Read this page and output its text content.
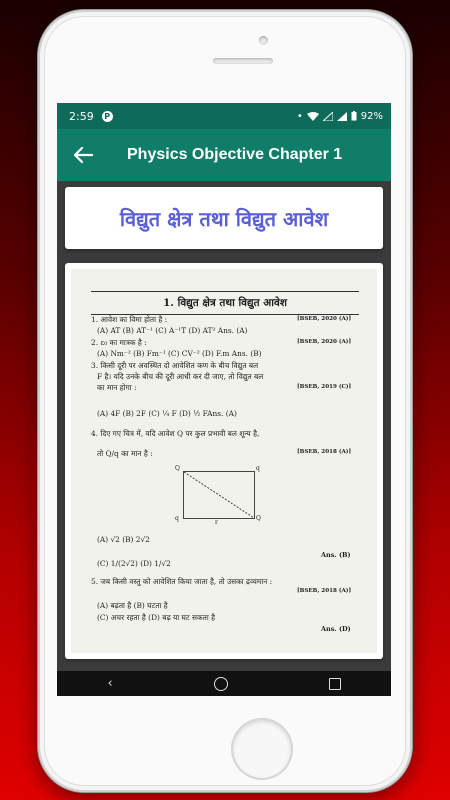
2:59	P	•	92%
Physics Objective Chapter 1
विद्युत क्षेत्र तथा विद्युत आवेश
1. विद्युत क्षेत्र तथा विद्युत आवेश
1. आवेश का विमा होता है :	[BSEB, 2020 (A)]
(A) AT (B) AT⁻¹ (C) A⁻¹T (D) AT² Ans. (A)
2. ε₀ का मात्रक है :	[BSEB, 2020 (A)]
(A) Nm⁻² (B) Fm⁻¹ (C) CV⁻² (D) F.m Ans. (B)
3. किसी दूरी पर अवस्थित दो आवेशित कण के बीच विद्युत बल
F है। यदि उनके बीच की दूरी आधी कर दी जाए, तो विद्युत बल
का मान होगा :	[BSEB, 2019 (C)]
(A) 4F (B) 2F (C) ¼ F (D) ½ FAns. (A)
4. दिए गए चित्र में, यदि आवेश Q पर कुल प्रभावी बल शून्य है,
तो Q/q का मान है :	[BSEB, 2018 (A)]
Q	q
q	Q
r
(A) √2 (B) 2√2
(C) 1/(2√2) (D) 1/√2
Ans. (B)
5. जब किसी वस्तु को आवेशित किया जाता है, तो उसका द्रव्यमान :
[BSEB, 2018 (A)]
(A) बढ़ता है (B) घटता है
(C) अचर रहता है (D) बढ़ या घट सकता है
Ans. (D)
‹
